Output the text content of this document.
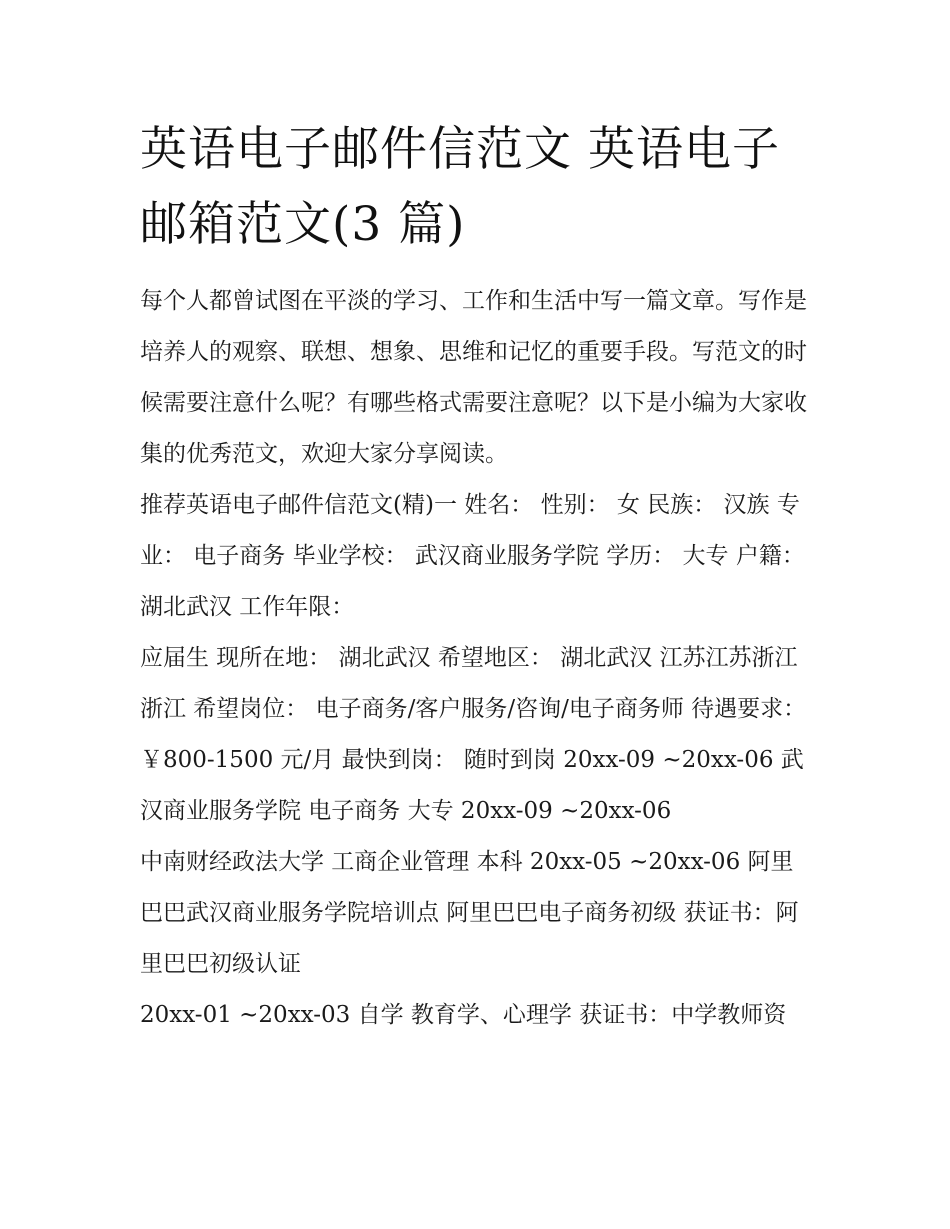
英语电子邮件信范文 英语电子邮箱范文(3 篇)

每个人都曾试图在平淡的学习、工作和生活中写一篇文章。写作是培养人的观察、联想、想象、思维和记忆的重要手段。写范文的时候需要注意什么呢？有哪些格式需要注意呢？以下是小编为大家收集的优秀范文，欢迎大家分享阅读。

推荐英语电子邮件信范文(精)一 姓名： 性别： 女 民族： 汉族 专业： 电子商务 毕业学校： 武汉商业服务学院 学历： 大专 户籍： 湖北武汉 工作年限：

应届生 现所在地： 湖北武汉 希望地区： 湖北武汉 江苏江苏浙江浙江 希望岗位： 电子商务/客户服务/咨询/电子商务师 待遇要求：

￥800-1500 元/月 最快到岗： 随时到岗 20xx-09 ~20xx-06 武汉商业服务学院 电子商务 大专 20xx-09 ~20xx-06

中南财经政法大学 工商企业管理 本科 20xx-05 ~20xx-06 阿里巴巴武汉商业服务学院培训点 阿里巴巴电子商务初级 获证书：阿里巴巴初级认证

20xx-01 ~20xx-03 自学 教育学、心理学 获证书：中学教师资
